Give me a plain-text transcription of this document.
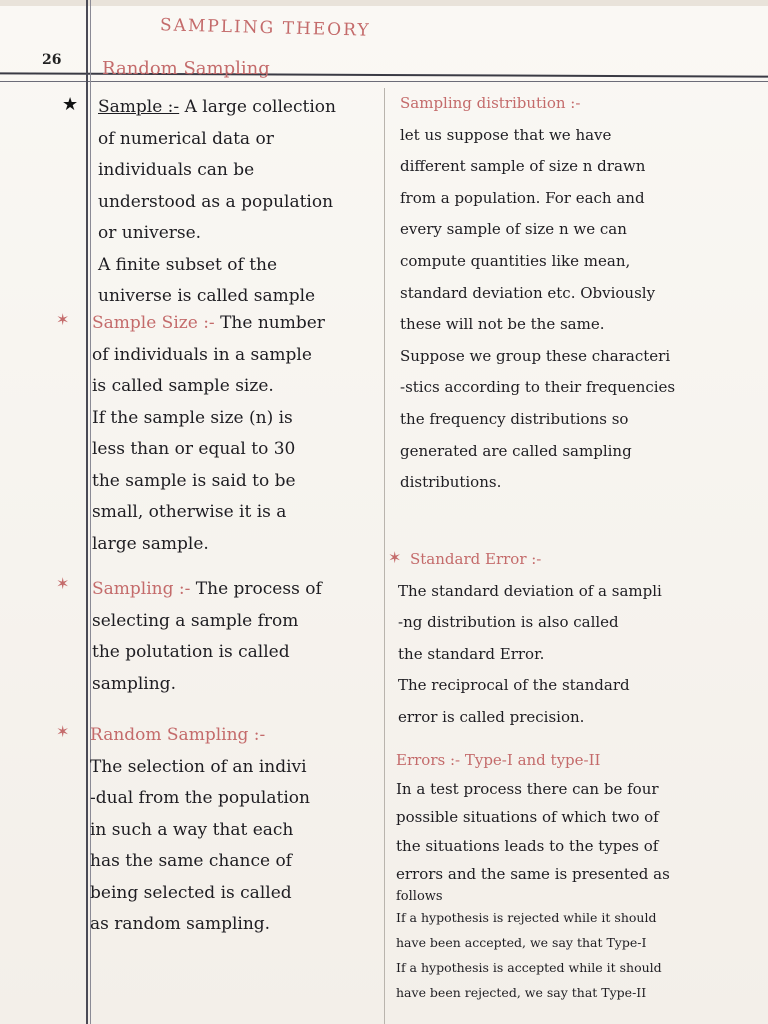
SAMPLING THEORY
26 Random Sampling
★ Sample :- A large collection
of numerical data or
individuals can be
understood as a population
or universe.
A finite subset of the
universe is called sample
✶ Sample Size :- The number
of individuals in a sample
is called sample size.
If the sample size (n) is
less than or equal to 30
the sample is said to be
small, otherwise it is a
large sample.
✶ Sampling :- The process of
selecting a sample from
the polutation is called
sampling.
✶ Random Sampling :-
The selection of an indivi
-dual from the population
in such a way that each
has the same chance of
being selected is called
as random sampling.
Sampling distribution :-
let us suppose that we have
different sample of size n drawn
from a population. For each and
every sample of size n we can
compute quantities like mean,
standard deviation etc. Obviously
these will not be the same.
Suppose we group these characteri
-stics according to their frequencies
the frequency distributions so
generated are called sampling
distributions.
✶ Standard Error :-
The standard deviation of a sampli
-ng distribution is also called
the standard Error.
The reciprocal of the standard
error is called precision.
Errors :- Type-I and type-II
In a test process there can be four
possible situations of which two of
the situations leads to the types of
errors and the same is presented as
follows
If a hypothesis is rejected while it should
have been accepted, we say that Type-I
If a hypothesis is accepted while it should
have been rejected, we say that Type-II
